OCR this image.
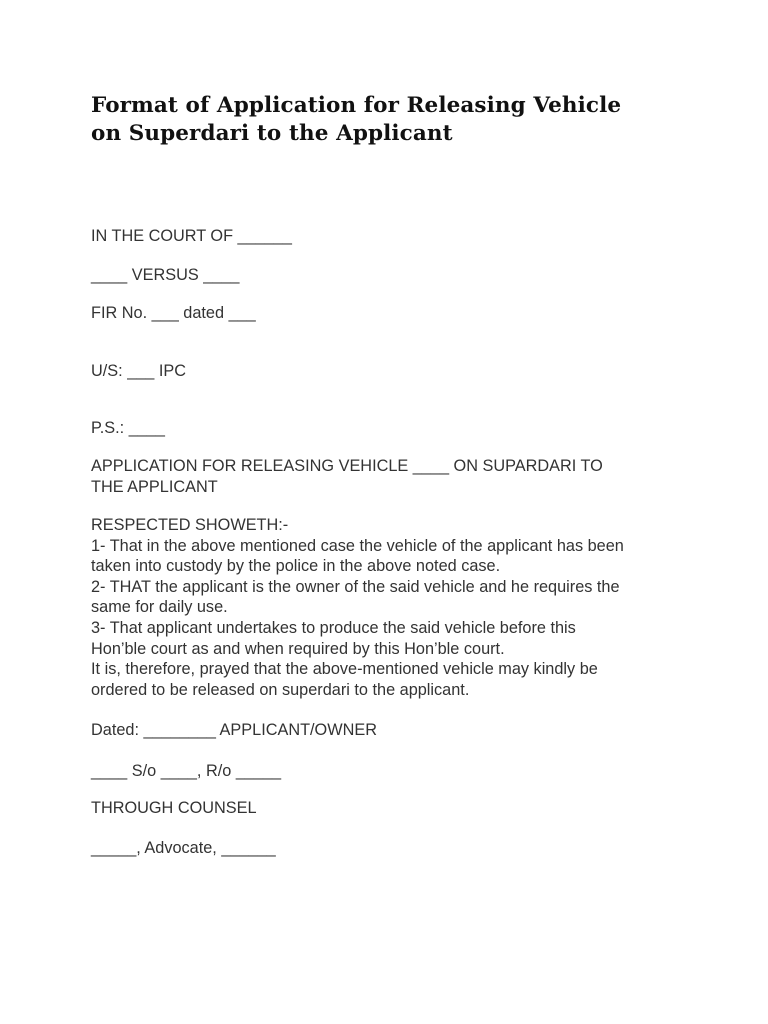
Format of Application for Releasing Vehicle
on Superdari to the Applicant

IN THE COURT OF ______

____ VERSUS ____

FIR No. ___ dated ___

U/S: ___ IPC

P.S.: ____

APPLICATION FOR RELEASING VEHICLE ____ ON SUPARDARI TO
THE APPLICANT

RESPECTED SHOWETH:-
1- That in the above mentioned case the vehicle of the applicant has been
taken into custody by the police in the above noted case.
2- THAT the applicant is the owner of the said vehicle and he requires the
same for daily use.
3- That applicant undertakes to produce the said vehicle before this
Hon’ble court as and when required by this Hon’ble court.
It is, therefore, prayed that the above-mentioned vehicle may kindly be
ordered to be released on superdari to the applicant.

Dated: ________ APPLICANT/OWNER

____ S/o ____, R/o _____

THROUGH COUNSEL

_____, Advocate, ______
